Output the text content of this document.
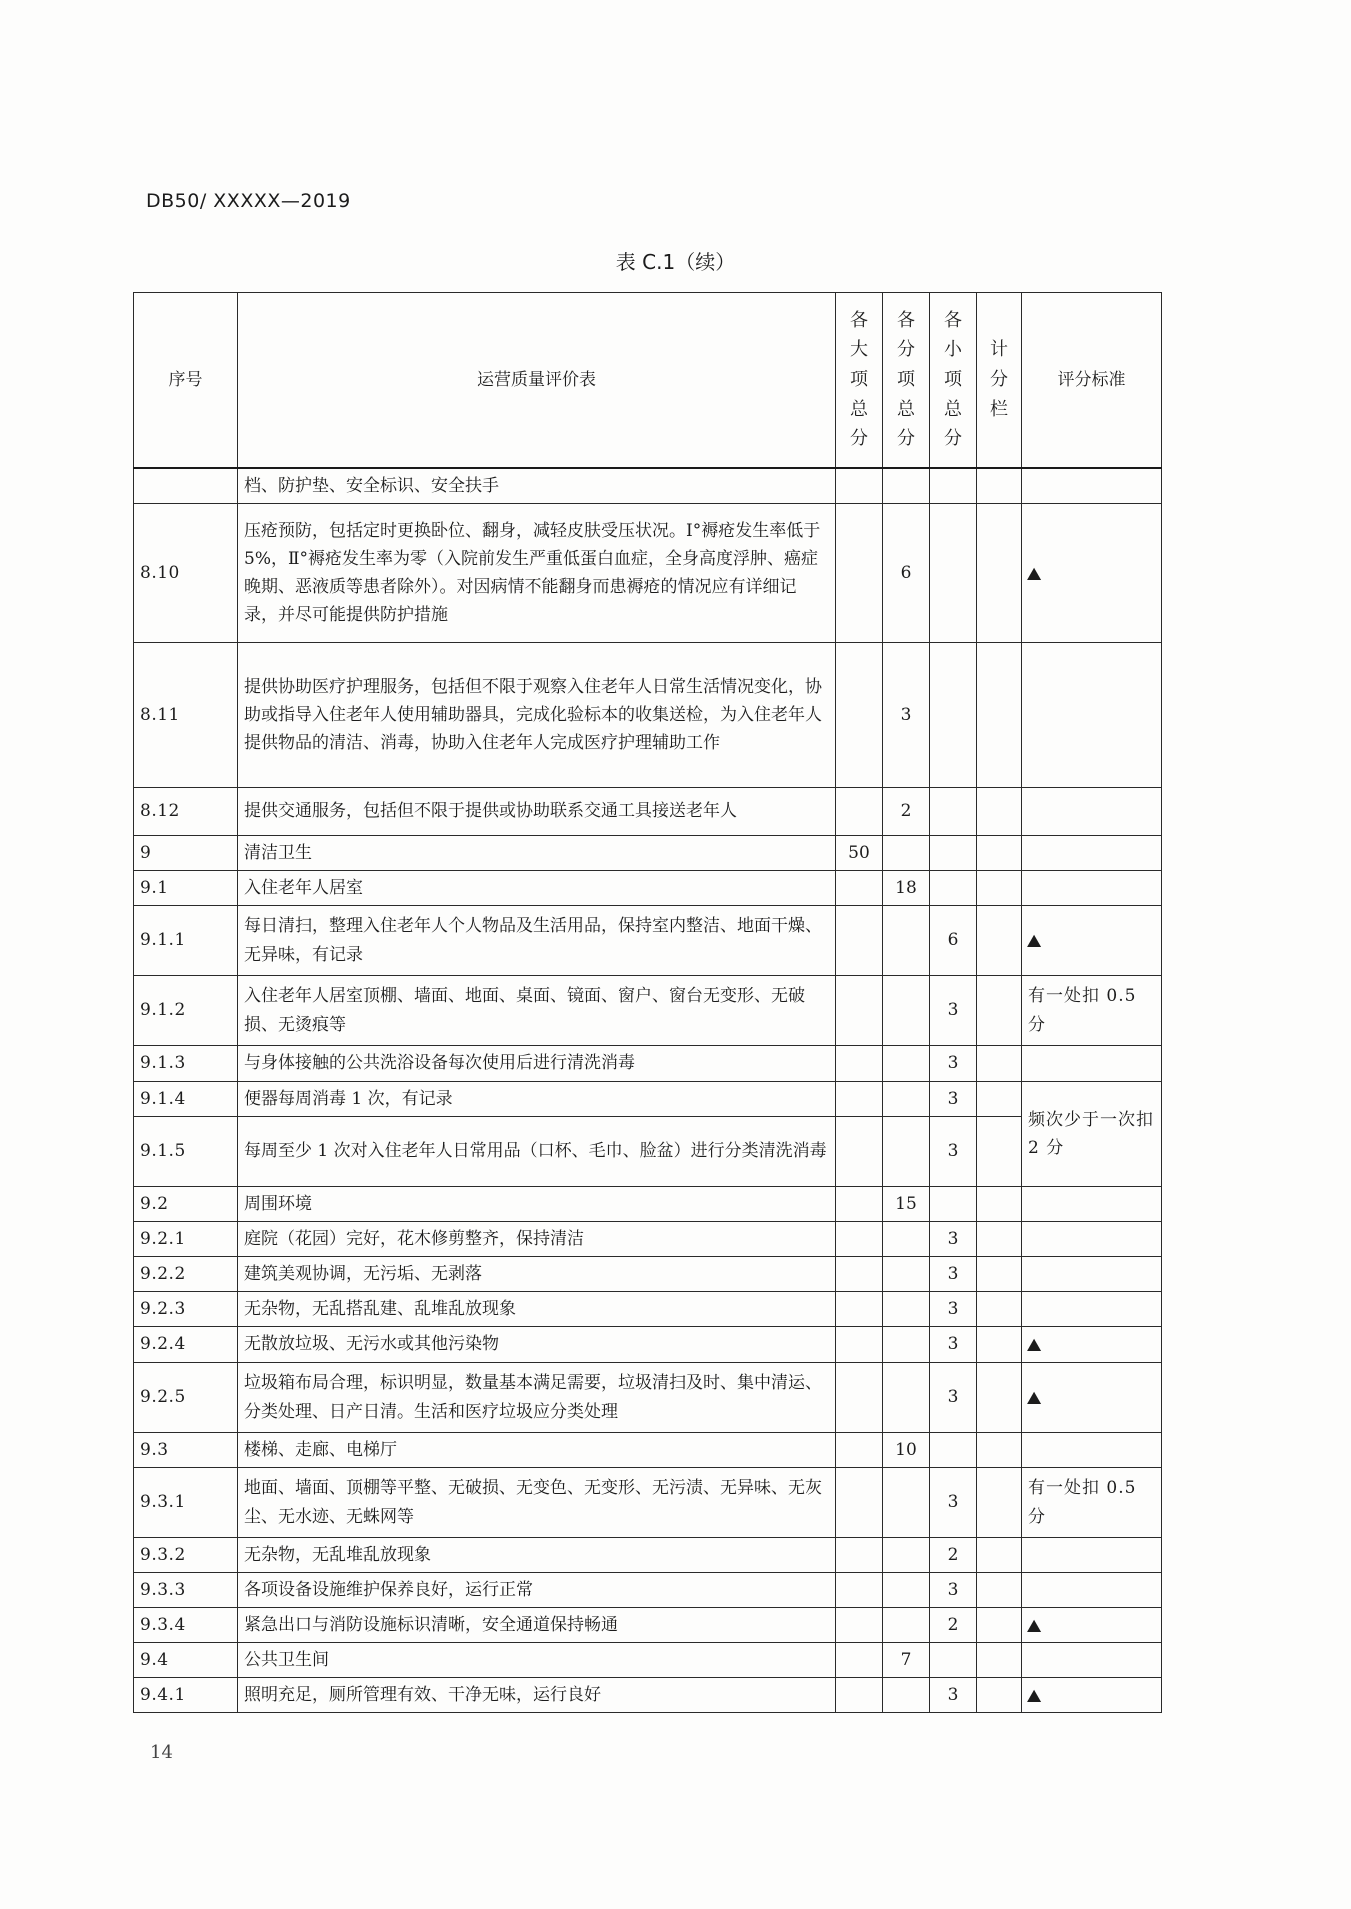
DB50/ XXXXX—2019
表 C.1（续）
序号	运营质量评价表	各
大
项
总
分	各
分
项
总
分	各
小
项
总
分	计
分
栏	评分标准
	档、防护垫、安全标识、安全扶手					
8.10	压疮预防，包括定时更换卧位、翻身，减轻皮肤受压状况。Ⅰ°褥疮发生率低于5%，Ⅱ°褥疮发生率为零（入院前发生严重低蛋白血症，全身高度浮肿、癌症晚期、恶液质等患者除外）。对因病情不能翻身而患褥疮的情况应有详细记录，并尽可能提供防护措施		6			▲
8.11	提供协助医疗护理服务，包括但不限于观察入住老年人日常生活情况变化，协助或指导入住老年人使用辅助器具，完成化验标本的收集送检，为入住老年人提供物品的清洁、消毒，协助入住老年人完成医疗护理辅助工作		3			
8.12	提供交通服务，包括但不限于提供或协助联系交通工具接送老年人		2			
9	清洁卫生	50				
9.1	入住老年人居室		18			
9.1.1	每日清扫，整理入住老年人个人物品及生活用品，保持室内整洁、地面干燥、无异味，有记录			6		▲
9.1.2	入住老年人居室顶棚、墙面、地面、桌面、镜面、窗户、窗台无变形、无破损、无烫痕等			3		有一处扣 0.5 分
9.1.3	与身体接触的公共洗浴设备每次使用后进行清洗消毒			3		
9.1.4	便器每周消毒 1 次，有记录			3		频次少于一次扣 2 分
9.1.5	每周至少 1 次对入住老年人日常用品（口杯、毛巾、脸盆）进行分类清洗消毒			3		
9.2	周围环境		15			
9.2.1	庭院（花园）完好，花木修剪整齐，保持清洁			3		
9.2.2	建筑美观协调，无污垢、无剥落			3		
9.2.3	无杂物，无乱搭乱建、乱堆乱放现象			3		
9.2.4	无散放垃圾、无污水或其他污染物			3		▲
9.2.5	垃圾箱布局合理，标识明显，数量基本满足需要，垃圾清扫及时、集中清运、分类处理、日产日清。生活和医疗垃圾应分类处理			3		▲
9.3	楼梯、走廊、电梯厅		10			
9.3.1	地面、墙面、顶棚等平整、无破损、无变色、无变形、无污渍、无异味、无灰尘、无水迹、无蛛网等			3		有一处扣 0.5 分
9.3.2	无杂物，无乱堆乱放现象			2		
9.3.3	各项设备设施维护保养良好，运行正常			3		
9.3.4	紧急出口与消防设施标识清晰，安全通道保持畅通			2		▲
9.4	公共卫生间		7			
9.4.1	照明充足，厕所管理有效、干净无味，运行良好			3		▲
14
